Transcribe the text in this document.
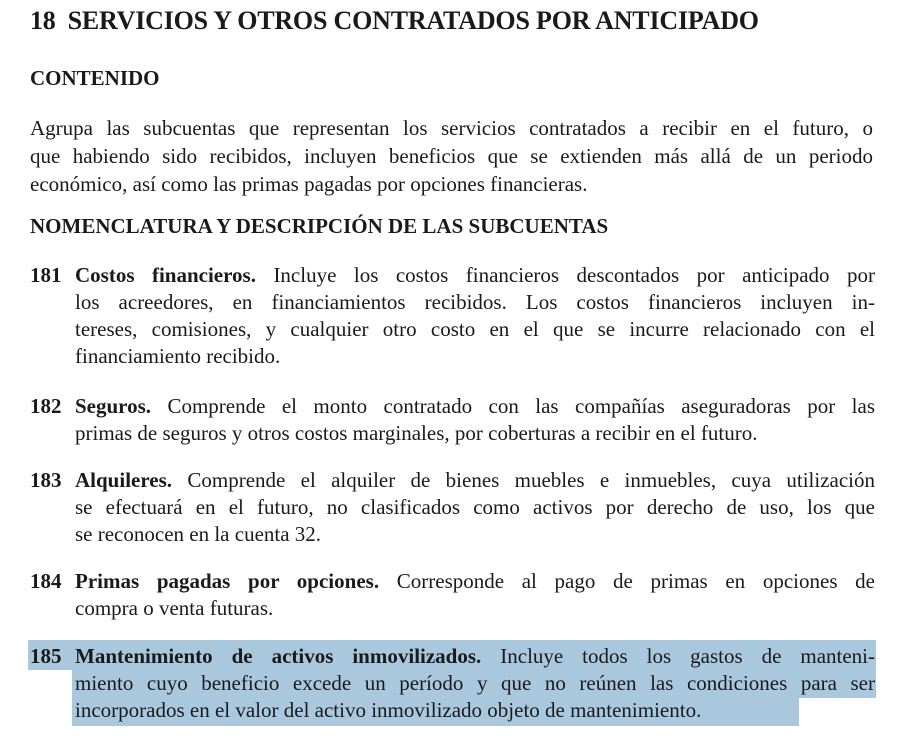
18 SERVICIOS Y OTROS CONTRATADOS POR ANTICIPADO
CONTENIDO
Agrupa las subcuentas que representan los servicios contratados a recibir en el futuro, o
que habiendo sido recibidos, incluyen beneficios que se extienden más allá de un periodo
económico, así como las primas pagadas por opciones financieras.
NOMENCLATURA Y DESCRIPCIÓN DE LAS SUBCUENTAS
181 Costos financieros. Incluye los costos financieros descontados por anticipado por
los acreedores, en financiamientos recibidos. Los costos financieros incluyen in-
tereses, comisiones, y cualquier otro costo en el que se incurre relacionado con el
financiamiento recibido.
182 Seguros. Comprende el monto contratado con las compañías aseguradoras por las
primas de seguros y otros costos marginales, por coberturas a recibir en el futuro.
183 Alquileres. Comprende el alquiler de bienes muebles e inmuebles, cuya utilización
se efectuará en el futuro, no clasificados como activos por derecho de uso, los que
se reconocen en la cuenta 32.
184 Primas pagadas por opciones. Corresponde al pago de primas en opciones de
compra o venta futuras.
185 Mantenimiento de activos inmovilizados. Incluye todos los gastos de manteni-
miento cuyo beneficio excede un período y que no reúnen las condiciones para ser
incorporados en el valor del activo inmovilizado objeto de mantenimiento.
